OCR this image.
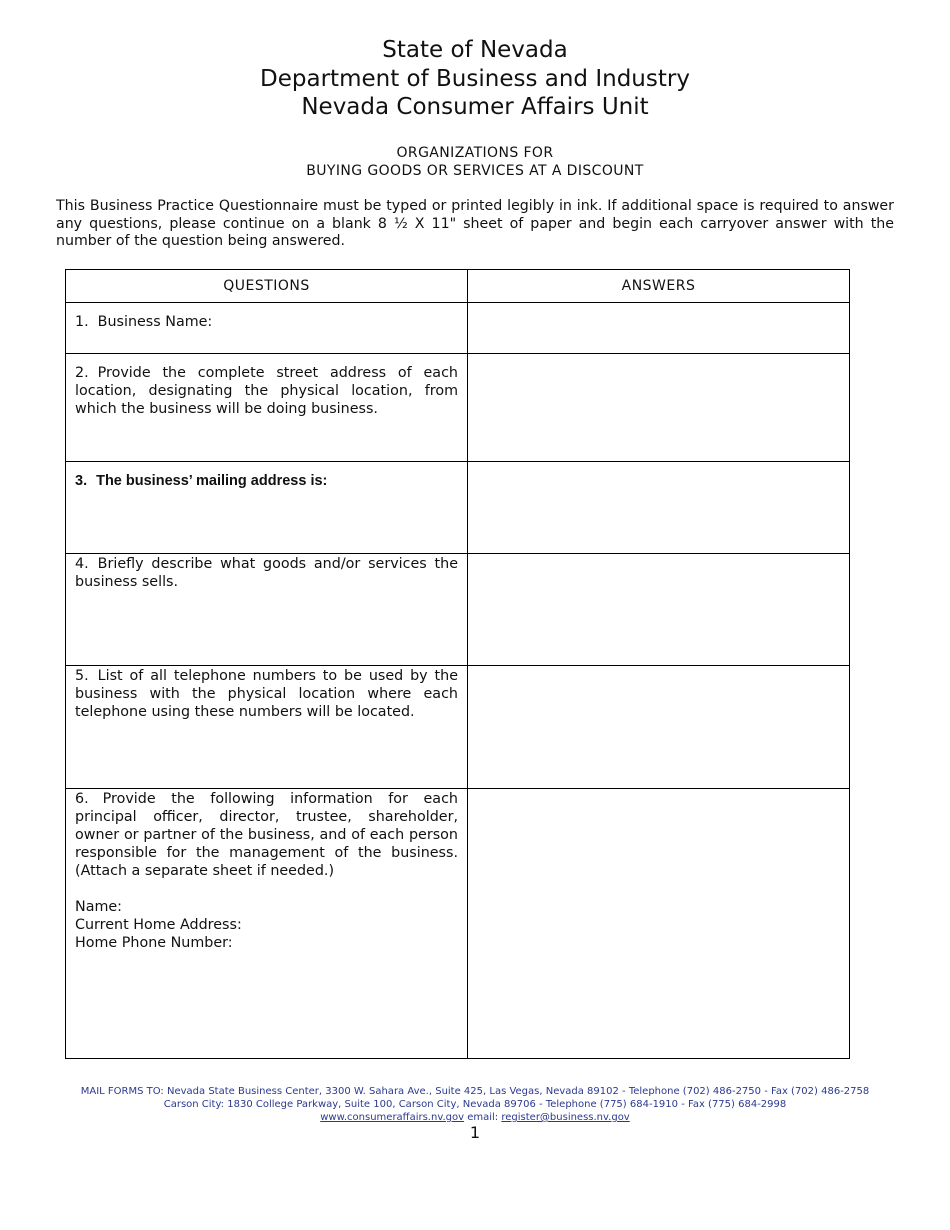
State of Nevada
Department of Business and Industry
Nevada Consumer Affairs Unit
ORGANIZATIONS FOR
BUYING GOODS OR SERVICES AT A DISCOUNT
This Business Practice Questionnaire must be typed or printed legibly in ink. If additional space is required to answer any questions, please continue on a blank 8 ½ X 11" sheet of paper and begin each carryover answer with the number of the question being answered.
QUESTIONS	ANSWERS

1. Business Name:	

2. Provide the complete street address of each location, designating the physical location, from which the business will be doing business.	

3. The business’ mailing address is:	

4. Briefly describe what goods and/or services the business sells.	

5. List of all telephone numbers to be used by the business with the physical location where each telephone using these numbers will be located.	

6. Provide the following information for each principal officer, director, trustee, shareholder, owner or partner of the business, and of each person responsible for the management of the business. (Attach a separate sheet if needed.)
Name:
Current Home Address:
Home Phone Number:	

MAIL FORMS TO: Nevada State Business Center, 3300 W. Sahara Ave., Suite 425, Las Vegas, Nevada 89102 - Telephone (702) 486-2750 - Fax (702) 486-2758
Carson City: 1830 College Parkway, Suite 100, Carson City, Nevada 89706 - Telephone (775) 684-1910 - Fax (775) 684-2998
www.consumeraffairs.nv.gov email: register@business.nv.gov
1
